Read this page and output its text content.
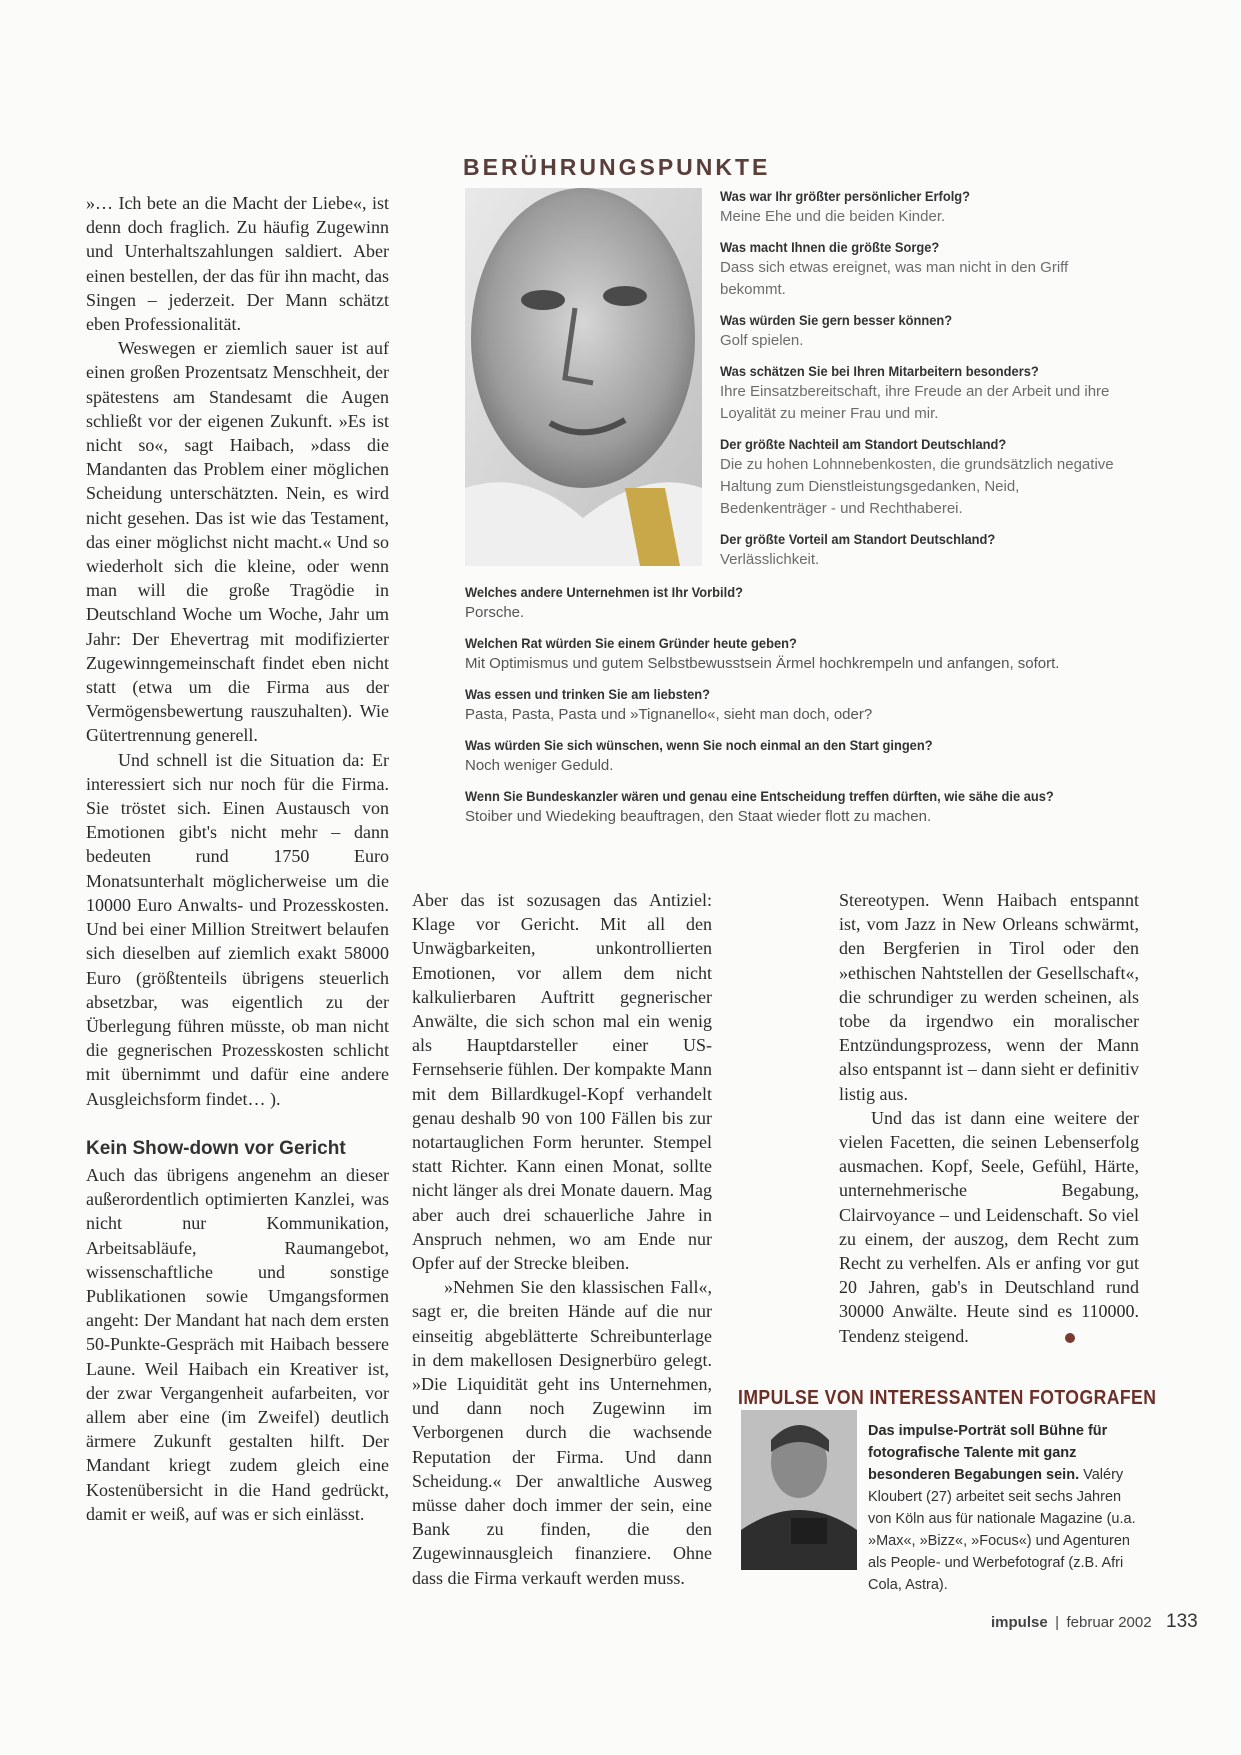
»… Ich bete an die Macht der Liebe«, ist denn doch fraglich. Zu häufig Zugewinn und Unterhaltszahlungen saldiert. Aber einen bestellen, der das für ihn macht, das Singen – jederzeit. Der Mann schätzt eben Professionalität.

Weswegen er ziemlich sauer ist auf einen großen Prozentsatz Menschheit, der spätestens am Standesamt die Augen schließt vor der eigenen Zukunft. »Es ist nicht so«, sagt Haibach, »dass die Mandanten das Problem einer möglichen Scheidung unterschätzten. Nein, es wird nicht gesehen. Das ist wie das Testament, das einer möglichst nicht macht.« Und so wiederholt sich die kleine, oder wenn man will die große Tragödie in Deutschland Woche um Woche, Jahr um Jahr: Der Ehevertrag mit modifizierter Zugewinngemeinschaft findet eben nicht statt (etwa um die Firma aus der Vermögensbewertung rauszuhalten). Wie Gütertrennung generell.

Und schnell ist die Situation da: Er interessiert sich nur noch für die Firma. Sie tröstet sich. Einen Austausch von Emotionen gibt's nicht mehr – dann bedeuten rund 1750 Euro Monatsunterhalt möglicherweise um die 10000 Euro Anwalts- und Prozesskosten. Und bei einer Million Streitwert belaufen sich dieselben auf ziemlich exakt 58000 Euro (größtenteils übrigens steuerlich absetzbar, was eigentlich zu der Überlegung führen müsste, ob man nicht die gegnerischen Prozesskosten schlicht mit übernimmt und dafür eine andere Ausgleichsform findet… ).

Kein Show-down vor Gericht

Auch das übrigens angenehm an dieser außerordentlich optimierten Kanzlei, was nicht nur Kommunikation, Arbeitsabläufe, Raumangebot, wissenschaftliche und sonstige Publikationen sowie Umgangsformen angeht: Der Mandant hat nach dem ersten 50-Punkte-Gespräch mit Haibach bessere Laune. Weil Haibach ein Kreativer ist, der zwar Vergangenheit aufarbeiten, vor allem aber eine (im Zweifel) deutlich ärmere Zukunft gestalten hilft. Der Mandant kriegt zudem gleich eine Kostenübersicht in die Hand gedrückt, damit er weiß, auf was er sich einlässt.

BERÜHRUNGSPUNKTE
Was war Ihr größter persönlicher Erfolg?
Meine Ehe und die beiden Kinder.
Was macht Ihnen die größte Sorge?
Dass sich etwas ereignet, was man nicht in den Griff bekommt.
Was würden Sie gern besser können?
Golf spielen.
Was schätzen Sie bei Ihren Mitarbeitern besonders?
Ihre Einsatzbereitschaft, ihre Freude an der Arbeit und ihre Loyalität zu meiner Frau und mir.
Der größte Nachteil am Standort Deutschland?
Die zu hohen Lohnnebenkosten, die grundsätzlich negative Haltung zum Dienstleistungsgedanken, Neid, Bedenkenträger - und Rechthaberei.
Der größte Vorteil am Standort Deutschland?
Verlässlichkeit.
Welches andere Unternehmen ist Ihr Vorbild?
Porsche.
Welchen Rat würden Sie einem Gründer heute geben?
Mit Optimismus und gutem Selbstbewusstsein Ärmel hochkrempeln und anfangen, sofort.
Was essen und trinken Sie am liebsten?
Pasta, Pasta, Pasta und »Tignanello«, sieht man doch, oder?
Was würden Sie sich wünschen, wenn Sie noch einmal an den Start gingen?
Noch weniger Geduld.
Wenn Sie Bundeskanzler wären und genau eine Entscheidung treffen dürften, wie sähe die aus?
Stoiber und Wiedeking beauftragen, den Staat wieder flott zu machen.

Aber das ist sozusagen das Antiziel: Klage vor Gericht. Mit all den Unwägbarkeiten, unkontrollierten Emotionen, vor allem dem nicht kalkulierbaren Auftritt gegnerischer Anwälte, die sich schon mal ein wenig als Hauptdarsteller einer US-Fernsehserie fühlen. Der kompakte Mann mit dem Billardkugel-Kopf verhandelt genau deshalb 90 von 100 Fällen bis zur notartauglichen Form herunter. Stempel statt Richter. Kann einen Monat, sollte nicht länger als drei Monate dauern. Mag aber auch drei schauerliche Jahre in Anspruch nehmen, wo am Ende nur Opfer auf der Strecke bleiben.

»Nehmen Sie den klassischen Fall«, sagt er, die breiten Hände auf die nur einseitig abgeblätterte Schreibunterlage in dem makellosen Designerbüro gelegt. »Die Liquidität geht ins Unternehmen, und dann noch Zugewinn im Verborgenen durch die wachsende Reputation der Firma. Und dann Scheidung.« Der anwaltliche Ausweg müsse daher doch immer der sein, eine Bank zu finden, die den Zugewinnausgleich finanziere. Ohne dass die Firma verkauft werden muss.

Stereotypen. Wenn Haibach entspannt ist, vom Jazz in New Orleans schwärmt, den Bergferien in Tirol oder den »ethischen Nahtstellen der Gesellschaft«, die schrundiger zu werden scheinen, als tobe da irgendwo ein moralischer Entzündungsprozess, wenn der Mann also entspannt ist – dann sieht er definitiv listig aus.

Und das ist dann eine weitere der vielen Facetten, die seinen Lebenserfolg ausmachen. Kopf, Seele, Gefühl, Härte, unternehmerische Begabung, Clairvoyance – und Leidenschaft. So viel zu einem, der auszog, dem Recht zum Recht zu verhelfen. Als er anfing vor gut 20 Jahren, gab's in Deutschland rund 30000 Anwälte. Heute sind es 110000. Tendenz steigend.

IMPULSE VON INTERESSANTEN FOTOGRAFEN
Das impulse-Porträt soll Bühne für fotografische Talente mit ganz besonderen Begabungen sein. Valéry Kloubert (27) arbeitet seit sechs Jahren von Köln aus für nationale Magazine (u.a. »Max«, »Bizz«, »Focus«) und Agenturen als People- und Werbefotograf (z.B. Afri Cola, Astra).
impulse | februar 2002 133
